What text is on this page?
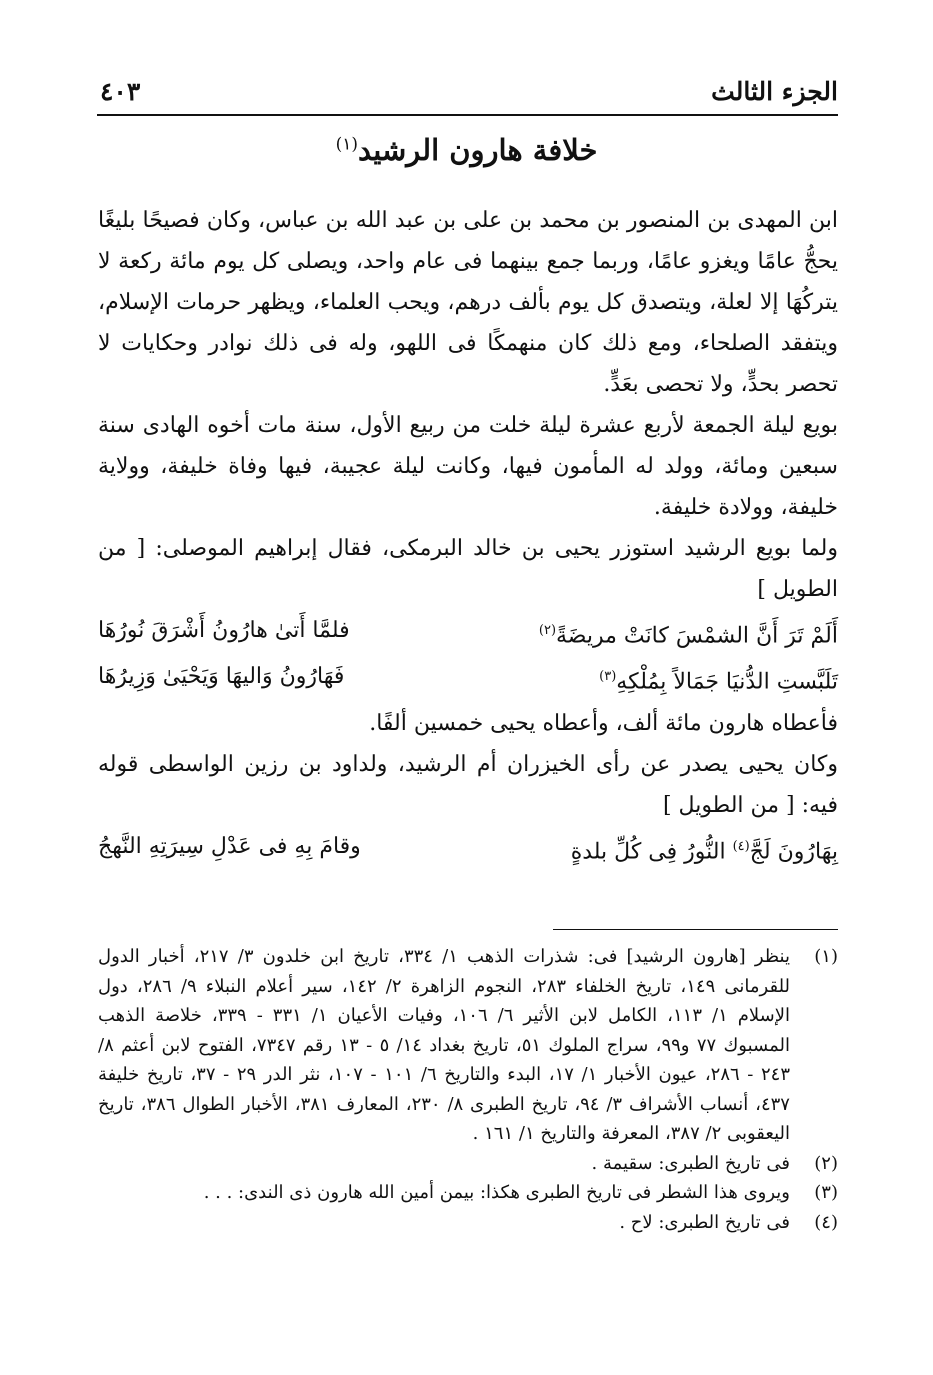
الجزء الثالث
٤٠٣
خلافة هارون الرشيد$^{(١)}$

ابن المهدى بن المنصور بن محمد بن على بن عبد الله بن عباس، وكان فصيحًا بليغًا يحجُّ عامًا ويغزو عامًا، وربما جمع بينهما فى عام واحد، ويصلى كل يوم مائة ركعة لا يتركُهَا إلا لعلة، ويتصدق كل يوم بألف درهم، ويحب العلماء، ويظهر حرمات الإسلام، ويتفقد الصلحاء، ومع ذلك كان منهمكًا فى اللهو، وله فى ذلك نوادر وحكايات لا تحصر بحدٍّ، ولا تحصى بعَدٍّ.

بويع ليلة الجمعة لأربع عشرة ليلة خلت من ربيع الأول، سنة مات أخوه الهادى سنة سبعين ومائة، وولد له المأمون فيها، وكانت ليلة عجيبة، فيها وفاة خليفة، وولاية خليفة، وولادة خليفة.

ولما بويع الرشيد استوزر يحيى بن خالد البرمكى، فقال إبراهيم الموصلى: [ من الطويل ]

أَلَمْ تَرَ أَنَّ الشمْسَ كانَتْ مريضَةً$^{(٢)}$
فلمَّا أَتىٰ هارُونُ أَشْرَقَ نُورُهَا
تَلَبَّستِ الدُّنيَا جَمَالاً بِمُلْكِهِ$^{(٣)}$
فَهَارُونُ وَاليهَا وَيَحْيَىٰ وَزِيرُهَا

فأعطاه هارون مائة ألف، وأعطاه يحيى خمسين ألفًا.

وكان يحيى يصدر عن رأى الخيزران أم الرشيد، ولداود بن رزين الواسطى قوله فيه: [ من الطويل ]

بِهَارُونَ لَجَّ$^{(٤)}$ النُّورُ فِى كُلِّ بلدةٍ
وقامَ بِهِ فى عَدْلِ سِيرَتِهِ النَّهجُ
(١)
ينظر [هارون الرشيد] فى: شذرات الذهب ١/ ٣٣٤، تاريخ ابن خلدون ٣/ ٢١٧، أخبار الدول للقرمانى ١٤٩، تاريخ الخلفاء ٢٨٣، النجوم الزاهرة ٢/ ١٤٢، سير أعلام النبلاء ٩/ ٢٨٦، دول الإسلام ١/ ١١٣، الكامل لابن الأثير ٦/ ١٠٦، وفيات الأعيان ١/ ٣٣١ - ٣٣٩، خلاصة الذهب المسبوك ٧٧ و٩٩، سراج الملوك ٥١، تاريخ بغداد ١٤/ ٥ - ١٣ رقم ٧٣٤٧، الفتوح لابن أعثم ٨/ ٢٤٣ - ٢٨٦، عيون الأخبار ١/ ١٧، البدء والتاريخ ٦/ ١٠١ - ١٠٧، نثر الدر ٢٩ - ٣٧، تاريخ خليفة ٤٣٧، أنساب الأشراف ٣/ ٩٤، تاريخ الطبرى ٨/ ٢٣٠، المعارف ٣٨١، الأخبار الطوال ٣٨٦، تاريخ اليعقوبى ٢/ ٣٨٧، المعرفة والتاريخ ١/ ١٦١ .
(٢)
فى تاريخ الطبرى: سقيمة .
(٣)
ويروى هذا الشطر فى تاريخ الطبرى هكذا: بيمن أمين الله هارون ذى الندى: . . .
(٤)
فى تاريخ الطبرى: لاح .
